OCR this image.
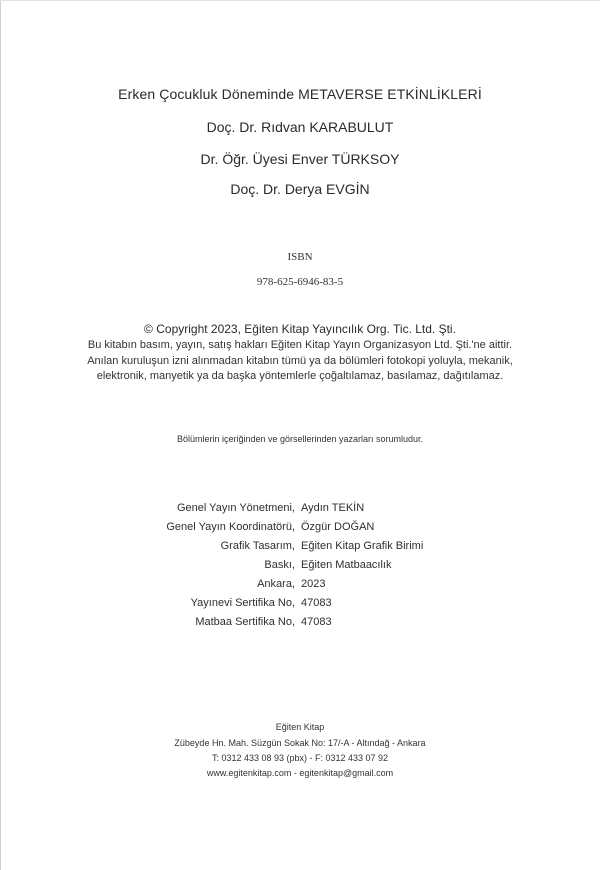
Erken Çocukluk Döneminde METAVERSE ETKİNLİKLERİ
Doç. Dr. Rıdvan KARABULUT
Dr. Öğr. Üyesi Enver TÜRKSOY
Doç. Dr. Derya EVGİN
ISBN
978-625-6946-83-5
© Copyright 2023, Eğiten Kitap Yayıncılık Org. Tic. Ltd. Şti.
Bu kitabın basım, yayın, satış hakları Eğiten Kitap Yayın Organizasyon Ltd. Şti.'ne aittir. Anılan kuruluşun izni alınmadan kitabın tümü ya da bölümleri fotokopi yoluyla, mekanik, elektronik, manyetik ya da başka yöntemlerle çoğaltılamaz, basılamaz, dağıtılamaz.
Bölümlerin içeriğinden ve görsellerinden yazarları sorumludur.
Genel Yayın Yönetmeni, Aydın TEKİN
Genel Yayın Koordinatörü, Özgür DOĞAN
Grafik Tasarım, Eğiten Kitap Grafik Birimi
Baskı, Eğiten Matbaacılık
Ankara, 2023
Yayınevi Sertifika No, 47083
Matbaa Sertifika No, 47083
Eğiten Kitap
Zübeyde Hn. Mah. Süzgün Sokak No: 17/-A - Altındağ - Ankara
T: 0312 433 08 93 (pbx) - F: 0312 433 07 92
www.egitenkitap.com - egitenkitap@gmail.com
